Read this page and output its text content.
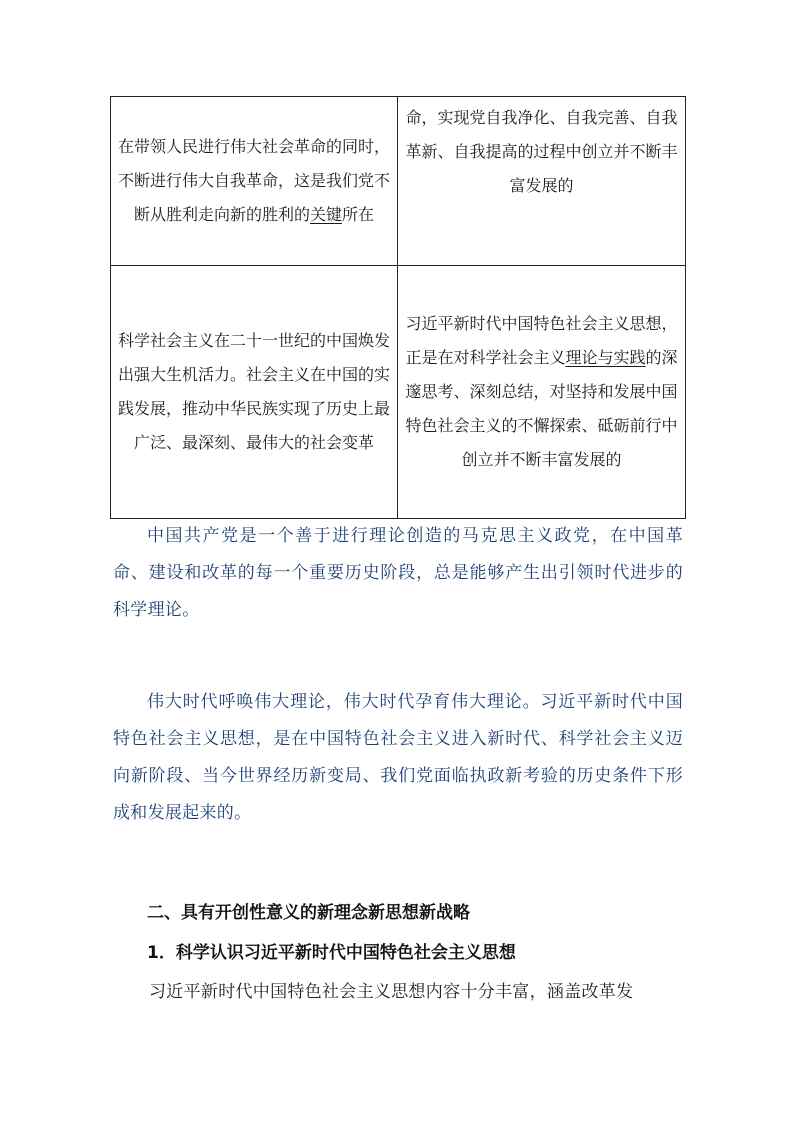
在带领人民进行伟大社会革命的同时，不断进行伟大自我革命，这是我们党不断从胜利走向新的胜利的关键所在	命，实现党自我净化、自我完善、自我革新、自我提高的过程中创立并不断丰富发展的
科学社会主义在二十一世纪的中国焕发出强大生机活力。社会主义在中国的实践发展，推动中华民族实现了历史上最广泛、最深刻、最伟大的社会变革	习近平新时代中国特色社会主义思想，正是在对科学社会主义理论与实践的深邃思考、深刻总结，对坚持和发展中国特色社会主义的不懈探索、砥砺前行中创立并不断丰富发展的

中国共产党是一个善于进行理论创造的马克思主义政党，在中国革命、建设和改革的每一个重要历史阶段，总是能够产生出引领时代进步的科学理论。

伟大时代呼唤伟大理论，伟大时代孕育伟大理论。习近平新时代中国特色社会主义思想，是在中国特色社会主义进入新时代、科学社会主义迈向新阶段、当今世界经历新变局、我们党面临执政新考验的历史条件下形成和发展起来的。

二、具有开创性意义的新理念新思想新战略

1．科学认识习近平新时代中国特色社会主义思想

习近平新时代中国特色社会主义思想内容十分丰富，涵盖改革发
